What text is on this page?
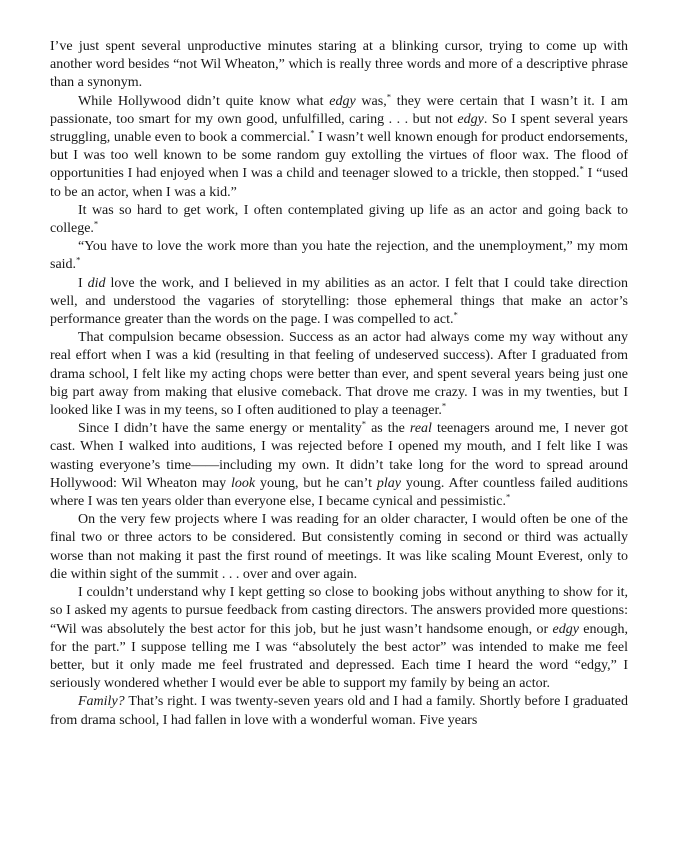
I’ve just spent several unproductive minutes staring at a blinking cursor, trying to come up with another word besides “not Wil Wheaton,” which is really three words and more of a descriptive phrase than a synonym.

While Hollywood didn’t quite know what edgy was,* they were certain that I wasn’t it. I am passionate, too smart for my own good, unfulfilled, caring . . . but not edgy. So I spent several years struggling, unable even to book a commercial.* I wasn’t well known enough for product endorsements, but I was too well known to be some random guy extolling the virtues of floor wax. The flood of opportunities I had enjoyed when I was a child and teenager slowed to a trickle, then stopped.* I “used to be an actor, when I was a kid.”

It was so hard to get work, I often contemplated giving up life as an actor and going back to college.*

“You have to love the work more than you hate the rejection, and the unemployment,” my mom said.*

I did love the work, and I believed in my abilities as an actor. I felt that I could take direction well, and understood the vagaries of storytelling: those ephemeral things that make an actor’s performance greater than the words on the page. I was compelled to act.*

That compulsion became obsession. Success as an actor had always come my way without any real effort when I was a kid (resulting in that feeling of undeserved success). After I graduated from drama school, I felt like my acting chops were better than ever, and spent several years being just one big part away from making that elusive comeback. That drove me crazy. I was in my twenties, but I looked like I was in my teens, so I often auditioned to play a teenager.*

Since I didn’t have the same energy or mentality* as the real teenagers around me, I never got cast. When I walked into auditions, I was rejected before I opened my mouth, and I felt like I was wasting everyone’s time——including my own. It didn’t take long for the word to spread around Hollywood: Wil Wheaton may look young, but he can’t play young. After countless failed auditions where I was ten years older than everyone else, I became cynical and pessimistic.*

On the very few projects where I was reading for an older character, I would often be one of the final two or three actors to be considered. But consistently coming in second or third was actually worse than not making it past the first round of meetings. It was like scaling Mount Everest, only to die within sight of the summit . . . over and over again.

I couldn’t understand why I kept getting so close to booking jobs without anything to show for it, so I asked my agents to pursue feedback from casting directors. The answers provided more questions: “Wil was absolutely the best actor for this job, but he just wasn’t handsome enough, or edgy enough, for the part.” I suppose telling me I was “absolutely the best actor” was intended to make me feel better, but it only made me feel frustrated and depressed. Each time I heard the word “edgy,” I seriously wondered whether I would ever be able to support my family by being an actor.

Family? That’s right. I was twenty-seven years old and I had a family. Shortly before I graduated from drama school, I had fallen in love with a wonderful woman. Five years
